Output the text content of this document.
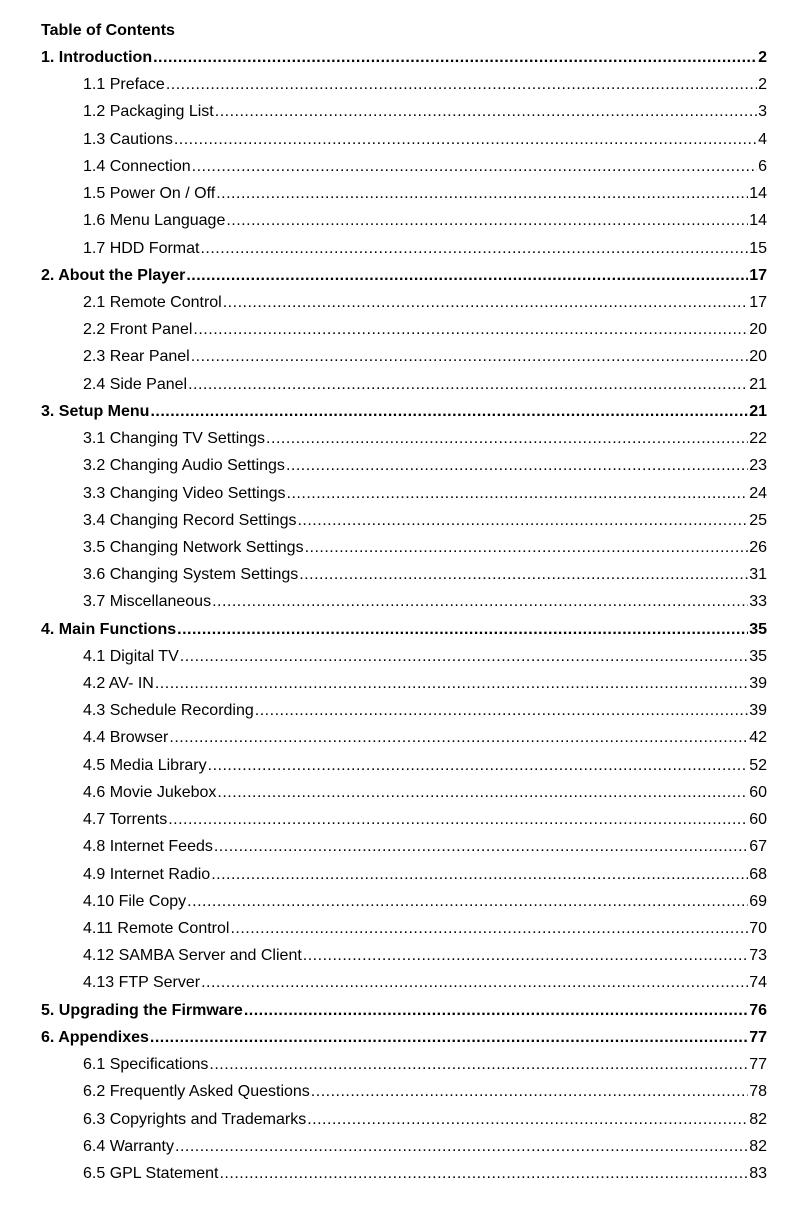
Table of Contents
1. Introduction .....	2
1.1 Preface .....	2
1.2 Packaging List .....	3
1.3 Cautions .....	4
1.4 Connection .....	6
1.5 Power On / Off .....	14
1.6 Menu Language .....	14
1.7 HDD Format .....	15
2. About the Player .....	17
2.1 Remote Control .....	17
2.2 Front Panel .....	20
2.3 Rear Panel .....	20
2.4 Side Panel .....	21
3. Setup Menu .....	21
3.1 Changing TV Settings .....	22
3.2 Changing Audio Settings .....	23
3.3 Changing Video Settings .....	24
3.4 Changing Record Settings .....	25
3.5 Changing Network Settings .....	26
3.6 Changing System Settings .....	31
3.7 Miscellaneous .....	33
4. Main Functions .....	35
4.1 Digital TV .....	35
4.2 AV- IN .....	39
4.3 Schedule Recording .....	39
4.4 Browser .....	42
4.5 Media Library .....	52
4.6 Movie Jukebox .....	60
4.7 Torrents .....	60
4.8 Internet Feeds .....	67
4.9 Internet Radio .....	68
4.10 File Copy .....	69
4.11 Remote Control .....	70
4.12 SAMBA Server and Client .....	73
4.13 FTP Server .....	74
5. Upgrading the Firmware .....	76
6. Appendixes .....	77
6.1 Specifications .....	77
6.2 Frequently Asked Questions .....	78
6.3 Copyrights and Trademarks .....	82
6.4 Warranty .....	82
6.5 GPL Statement .....	83
